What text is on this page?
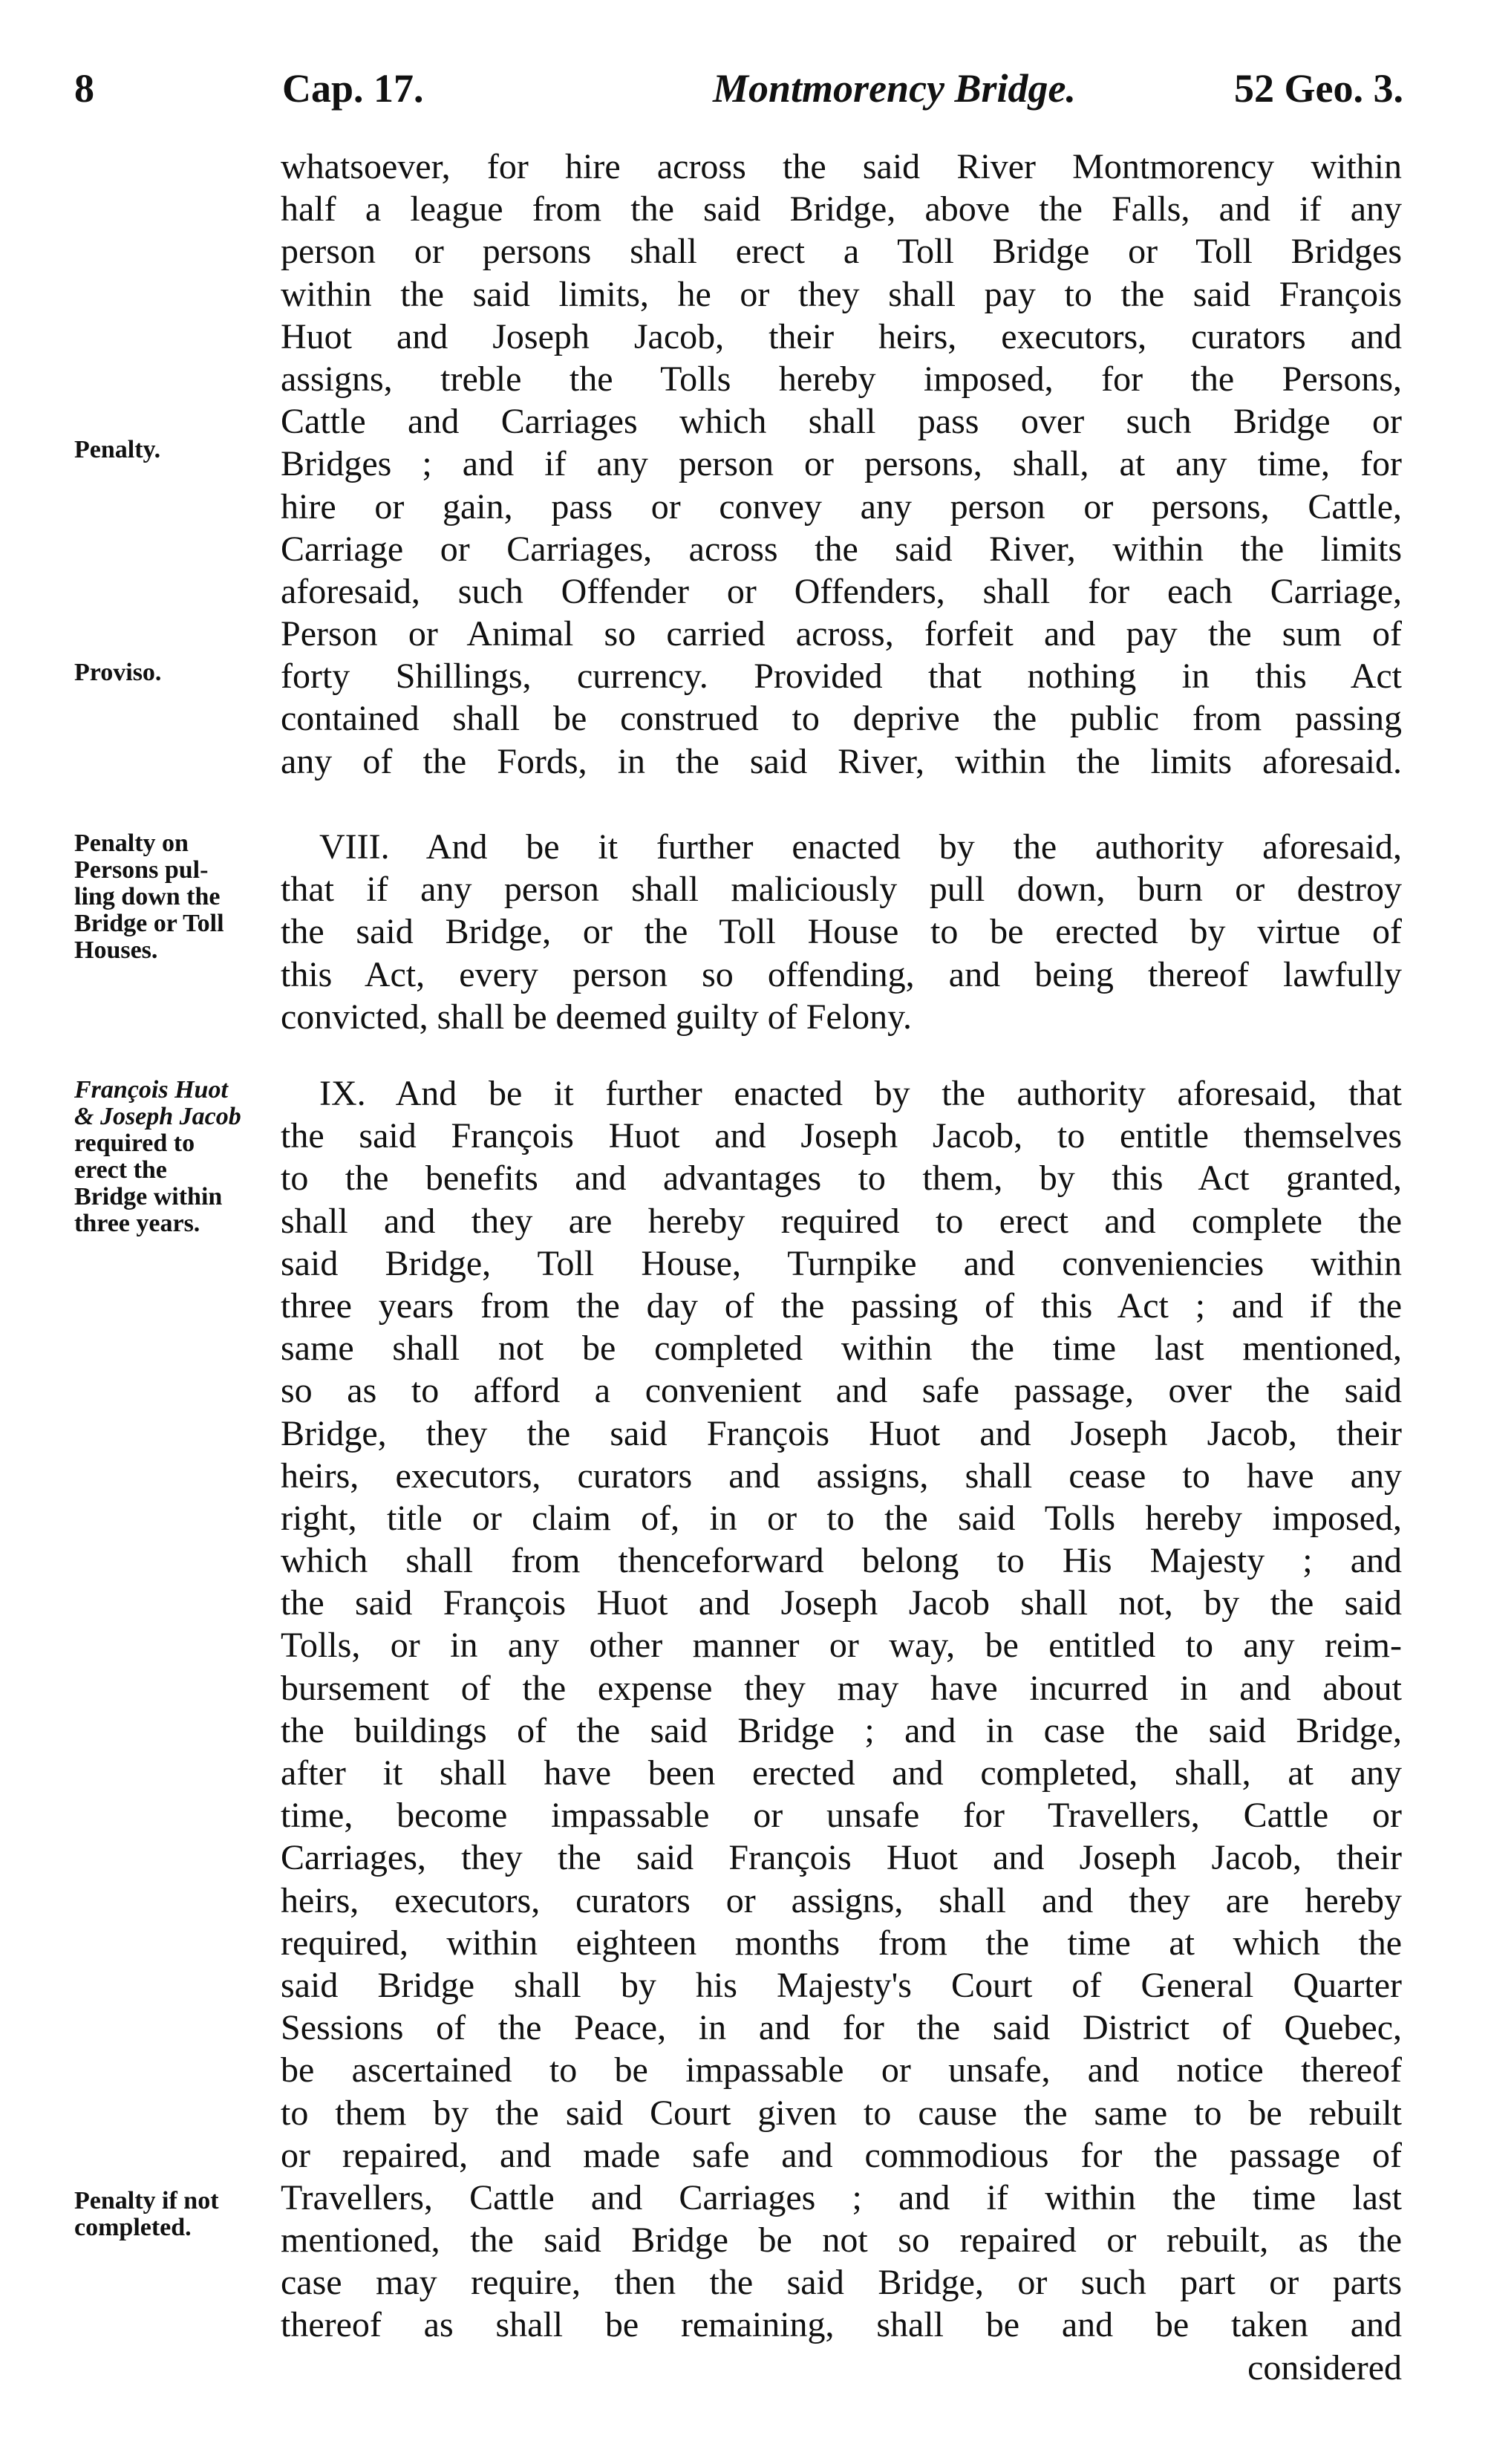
8	Cap. 17.	Montmorency Bridge.	52 Geo. 3.
Penalty.
Proviso.
Penalty on
Persons pul-
ling down the
Bridge or Toll
Houses.
François Huot
& Joseph Jacob
required to
erect the
Bridge within
three years.
Penalty if not
completed.
whatsoever, for hire across the said River Montmorency within
half a league from the said Bridge, above the Falls, and if any
person or persons shall erect a Toll Bridge or Toll Bridges
within the said limits, he or they shall pay to the said François
Huot and Joseph Jacob, their heirs, executors, curators and
assigns, treble the Tolls hereby imposed, for the Persons,
Cattle and Carriages which shall pass over such Bridge or
Bridges ; and if any person or persons, shall, at any time, for
hire or gain, pass or convey any person or persons, Cattle,
Carriage or Carriages, across the said River, within the limits
aforesaid, such Offender or Offenders, shall for each Carriage,
Person or Animal so carried across, forfeit and pay the sum of
forty Shillings, currency. Provided that nothing in this Act
contained shall be construed to deprive the public from passing
any of the Fords, in the said River, within the limits aforesaid.
VIII. And be it further enacted by the authority aforesaid,
that if any person shall maliciously pull down, burn or destroy
the said Bridge, or the Toll House to be erected by virtue of
this Act, every person so offending, and being thereof lawfully
convicted, shall be deemed guilty of Felony.
IX. And be it further enacted by the authority aforesaid, that
the said François Huot and Joseph Jacob, to entitle themselves
to the benefits and advantages to them, by this Act granted,
shall and they are hereby required to erect and complete the
said Bridge, Toll House, Turnpike and conveniencies within
three years from the day of the passing of this Act ; and if the
same shall not be completed within the time last mentioned,
so as to afford a convenient and safe passage, over the said
Bridge, they the said François Huot and Joseph Jacob, their
heirs, executors, curators and assigns, shall cease to have any
right, title or claim of, in or to the said Tolls hereby imposed,
which shall from thenceforward belong to His Majesty ; and
the said François Huot and Joseph Jacob shall not, by the said
Tolls, or in any other manner or way, be entitled to any reim-
bursement of the expense they may have incurred in and about
the buildings of the said Bridge ; and in case the said Bridge,
after it shall have been erected and completed, shall, at any
time, become impassable or unsafe for Travellers, Cattle or
Carriages, they the said François Huot and Joseph Jacob, their
heirs, executors, curators or assigns, shall and they are hereby
required, within eighteen months from the time at which the
said Bridge shall by his Majesty's Court of General Quarter
Sessions of the Peace, in and for the said District of Quebec,
be ascertained to be impassable or unsafe, and notice thereof
to them by the said Court given to cause the same to be rebuilt
or repaired, and made safe and commodious for the passage of
Travellers, Cattle and Carriages ; and if within the time last
mentioned, the said Bridge be not so repaired or rebuilt, as the
case may require, then the said Bridge, or such part or parts
thereof as shall be remaining, shall be and be taken and
considered
